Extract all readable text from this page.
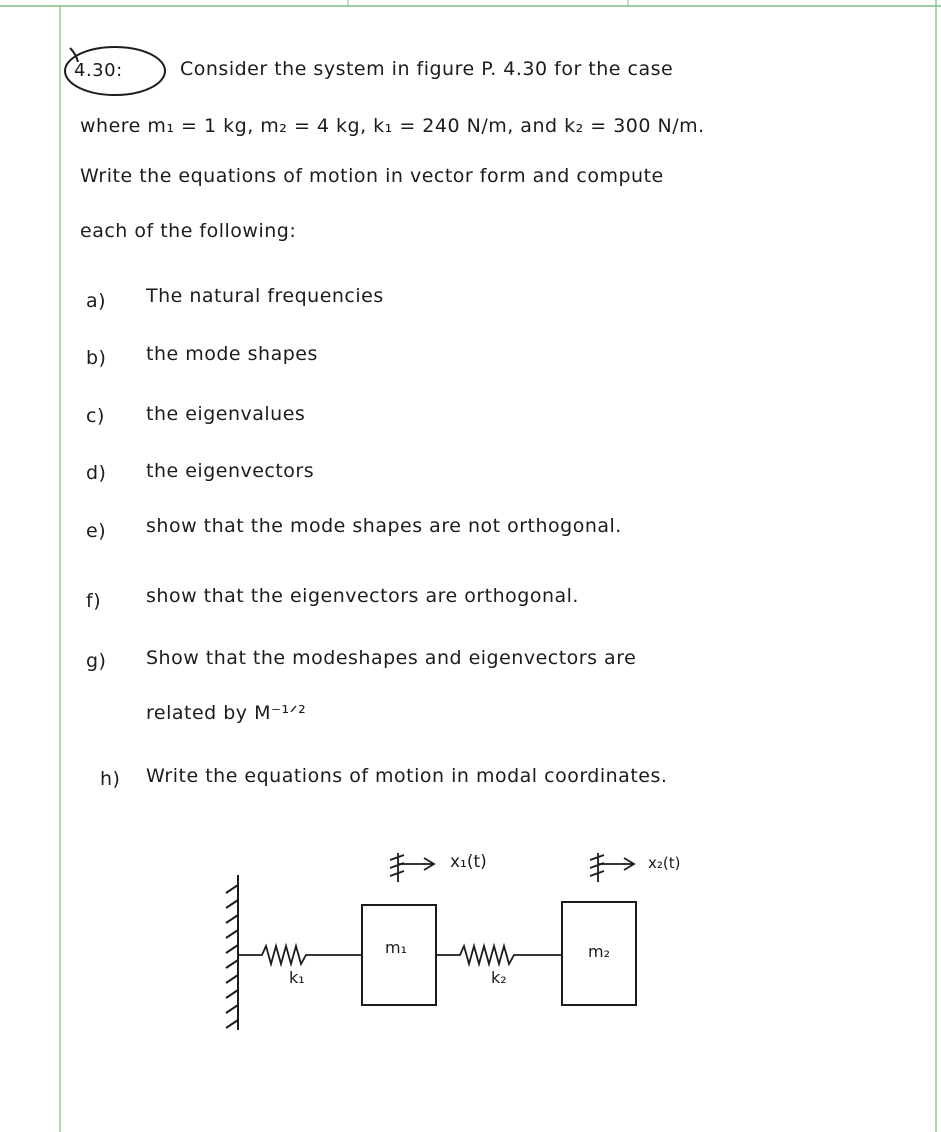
4.30:	Consider the system in figure P. 4.30 for the case
where m₁ = 1 kg, m₂ = 4 kg, k₁ = 240 N/m, and k₂ = 300 N/m.
Write the equations of motion in vector form and compute
each of the following:
a) The natural frequencies
b) the mode shapes
c) the eigenvalues
d) the eigenvectors
e) show that the mode shapes are not orthogonal.
f) show that the eigenvectors are orthogonal.
g) Show that the modeshapes and eigenvectors are
related by M⁻¹ᐟ²
h) Write the equations of motion in modal coordinates.
x₁(t)	x₂(t)
m₁	m₂
k₁	k₂
